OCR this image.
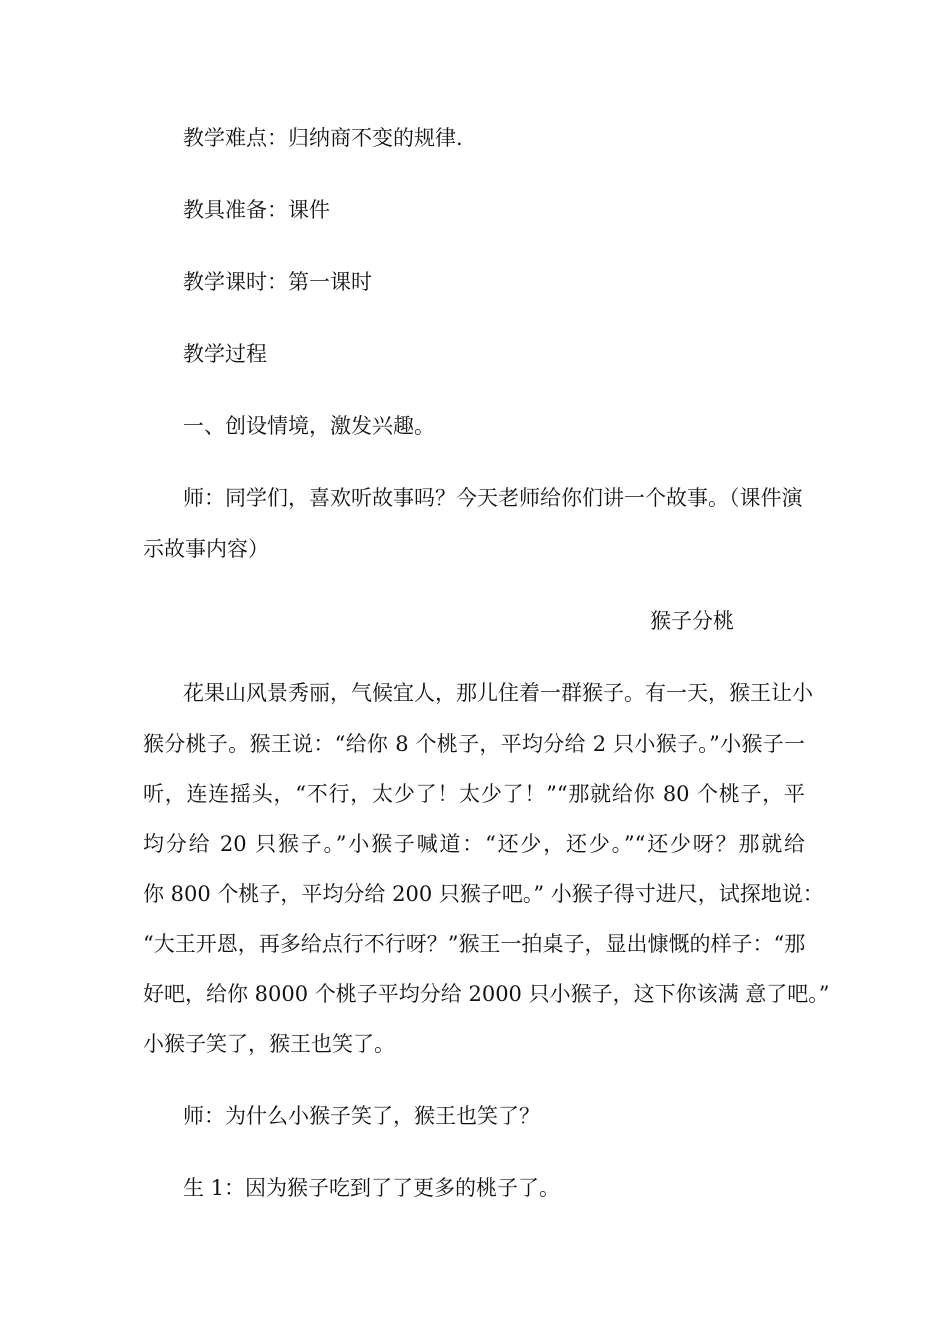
教学难点：归纳商不变的规律.
教具准备：课件
教学课时：第一课时
教学过程
一、创设情境，激发兴趣。
师：同学们，喜欢听故事吗？今天老师给你们讲一个故事。（课件演
示故事内容）
猴子分桃
花果山风景秀丽，气候宜人，那儿住着一群猴子。有一天，猴王让小
猴分桃子。猴王说：“给你 8 个桃子，平均分给 2 只小猴子。”小猴子一
听，连连摇头，“不行，太少了！太少了！”“那就给你 80 个桃子，平
均分给 20 只猴子。”小猴子喊道：“还少，还少。”“还少呀？那就给
你 800 个桃子，平均分给 200 只猴子吧。” 小猴子得寸进尺，试探地说：
“大王开恩，再多给点行不行呀？”猴王一拍桌子，显出慷慨的样子：“那
好吧，给你 8000 个桃子平均分给 2000 只小猴子，这下你该满 意了吧。”
小猴子笑了，猴王也笑了。
师：为什么小猴子笑了，猴王也笑了？
生 1：因为猴子吃到了了更多的桃子了。
